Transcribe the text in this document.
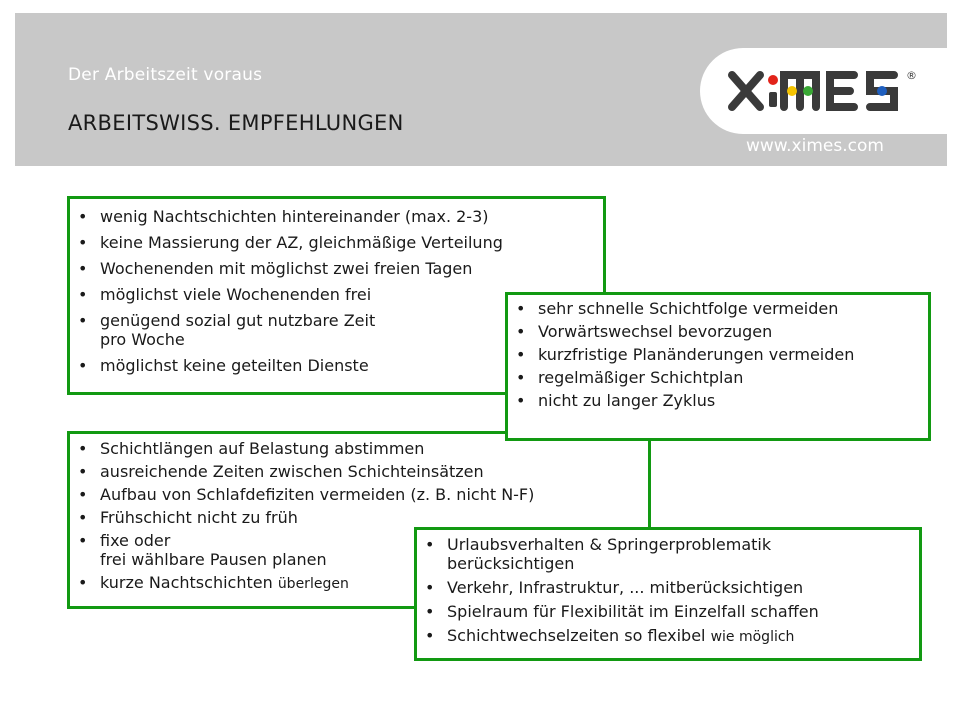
Der Arbeitszeit voraus
ARBEITSWISS. EMPFEHLUNGEN
®
www.ximes.com
• wenig Nachtschichten hintereinander (max. 2-3)
• keine Massierung der AZ, gleichmäßige Verteilung
• Wochenenden mit möglichst zwei freien Tagen
• möglichst viele Wochenenden frei
• genügend sozial gut nutzbare Zeit
pro Woche
• möglichst keine geteilten Dienste
• Schichtlängen auf Belastung abstimmen
• ausreichende Zeiten zwischen Schichteinsätzen
• Aufbau von Schlafdefiziten vermeiden (z. B. nicht N-F)
• Frühschicht nicht zu früh
• fixe oder
frei wählbare Pausen planen
• kurze Nachtschichten überlegen
• sehr schnelle Schichtfolge vermeiden
• Vorwärtswechsel bevorzugen
• kurzfristige Planänderungen vermeiden
• regelmäßiger Schichtplan
• nicht zu langer Zyklus
• Urlaubsverhalten & Springerproblematik
berücksichtigen
• Verkehr, Infrastruktur, ... mitberücksichtigen
• Spielraum für Flexibilität im Einzelfall schaffen
• Schichtwechselzeiten so flexibel wie möglich
